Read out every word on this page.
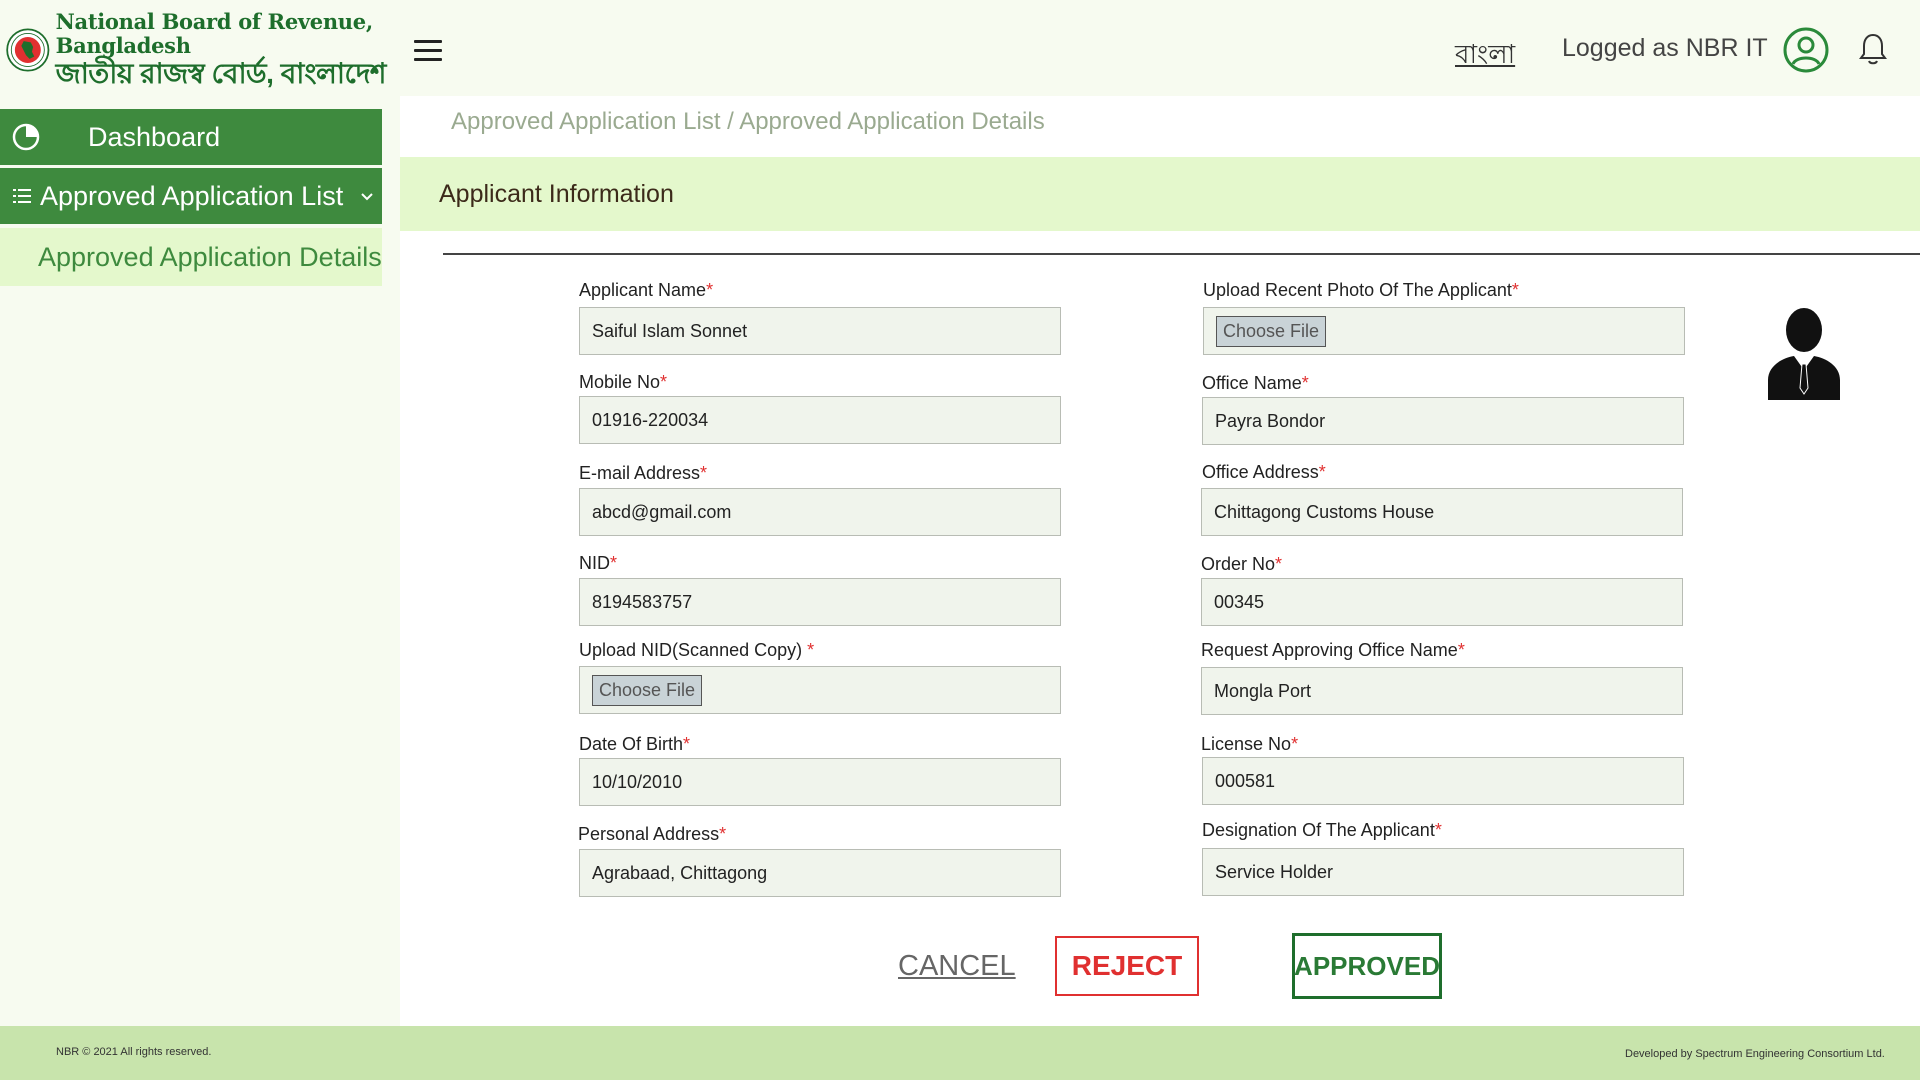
National Board of Revenue, Bangladesh
জাতীয় রাজস্ব বোর্ড, বাংলাদেশ
বাংলা Logged as NBR IT
Dashboard
Approved Application List
Approved Application Details
Approved Application List / Approved Application Details
Applicant Information
Applicant Name*
Saiful Islam Sonnet
Mobile No*
01916-220034
E-mail Address*
abcd@gmail.com
NID*
8194583757
Upload NID(Scanned Copy) *
Choose File
Date Of Birth*
10/10/2010
Personal Address*
Agrabaad, Chittagong
Upload Recent Photo Of The Applicant*
Choose File
Office Name*
Payra Bondor
Office Address*
Chittagong Customs House
Order No*
00345
Request Approving Office Name*
Mongla Port
License No*
000581
Designation Of The Applicant*
Service Holder
CANCEL	REJECT	APPROVED
NBR © 2021 All rights reserved.	Developed by Spectrum Engineering Consortium Ltd.
